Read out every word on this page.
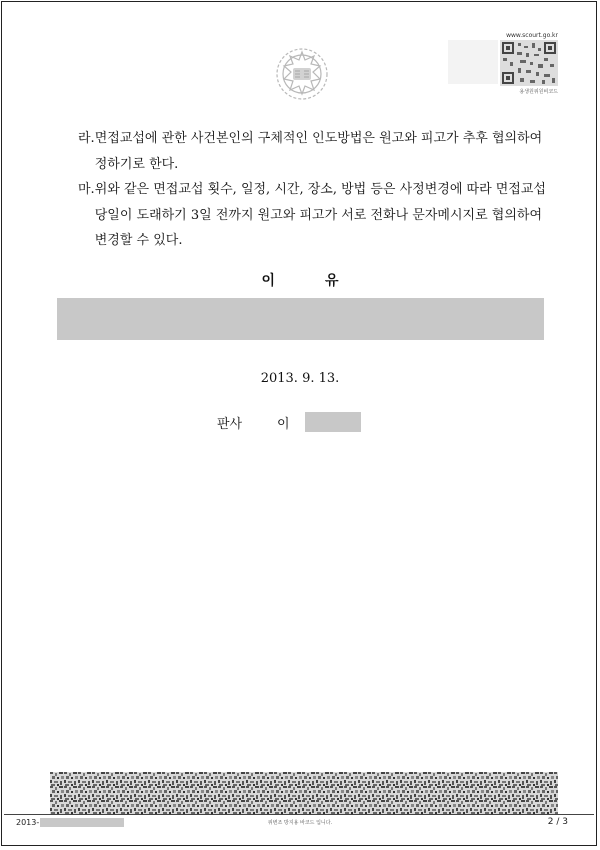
www.scourt.go.kr
용생원위원비코드
라. 면접교섭에 관한 사건본인의 구체적인 인도방법은 원고와 피고가 추후 협의하여 정하기로 한다.
마. 위와 같은 면접교섭 횟수, 일정, 시간, 장소, 방법 등은 사정변경에 따라 면접교섭 당일이 도래하기 3일 전까지 원고와 피고가 서로 전화나 문자메시지로 협의하여 변경할 수 있다.
이유
2013. 9. 13.
판사	이
2013-	위변조 방지용 바코드 입니다.	2 / 3
